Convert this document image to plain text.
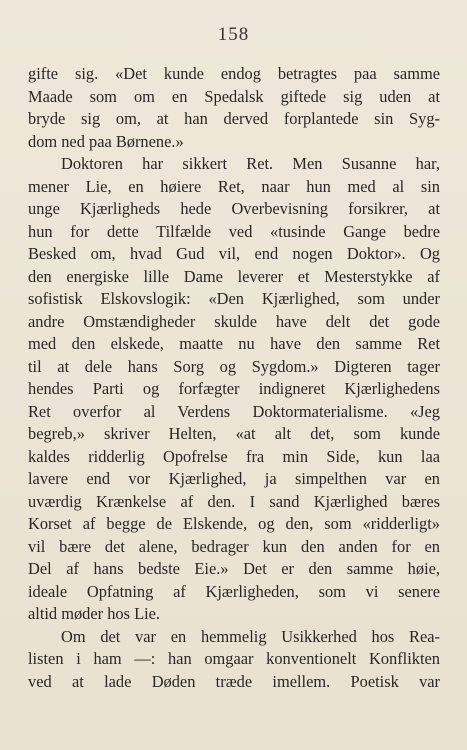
158
gifte sig. «Det kunde endog betragtes paa samme
Maade som om en Spedalsk giftede sig uden at
bryde sig om, at han derved forplantede sin Syg-
dom ned paa Børnene.»
Doktoren har sikkert Ret. Men Susanne har,
mener Lie, en høiere Ret, naar hun med al sin
unge Kjærligheds hede Overbevisning forsikrer, at
hun for dette Tilfælde ved «tusinde Gange bedre
Besked om, hvad Gud vil, end nogen Doktor». Og
den energiske lille Dame leverer et Mesterstykke af
sofistisk Elskovslogik: «Den Kjærlighed, som under
andre Omstændigheder skulde have delt det gode
med den elskede, maatte nu have den samme Ret
til at dele hans Sorg og Sygdom.» Digteren tager
hendes Parti og forfægter indigneret Kjærlighedens
Ret overfor al Verdens Doktormaterialisme. «Jeg
begreb,» skriver Helten, «at alt det, som kunde
kaldes ridderlig Opofrelse fra min Side, kun laa
lavere end vor Kjærlighed, ja simpelthen var en
uværdig Krænkelse af den. I sand Kjærlighed bæres
Korset af begge de Elskende, og den, som «ridderligt»
vil bære det alene, bedrager kun den anden for en
Del af hans bedste Eie.» Det er den samme høie,
ideale Opfatning af Kjærligheden, som vi senere
altid møder hos Lie.
Om det var en hemmelig Usikkerhed hos Rea-
listen i ham —: han omgaar konventionelt Konflikten
ved at lade Døden træde imellem. Poetisk var
